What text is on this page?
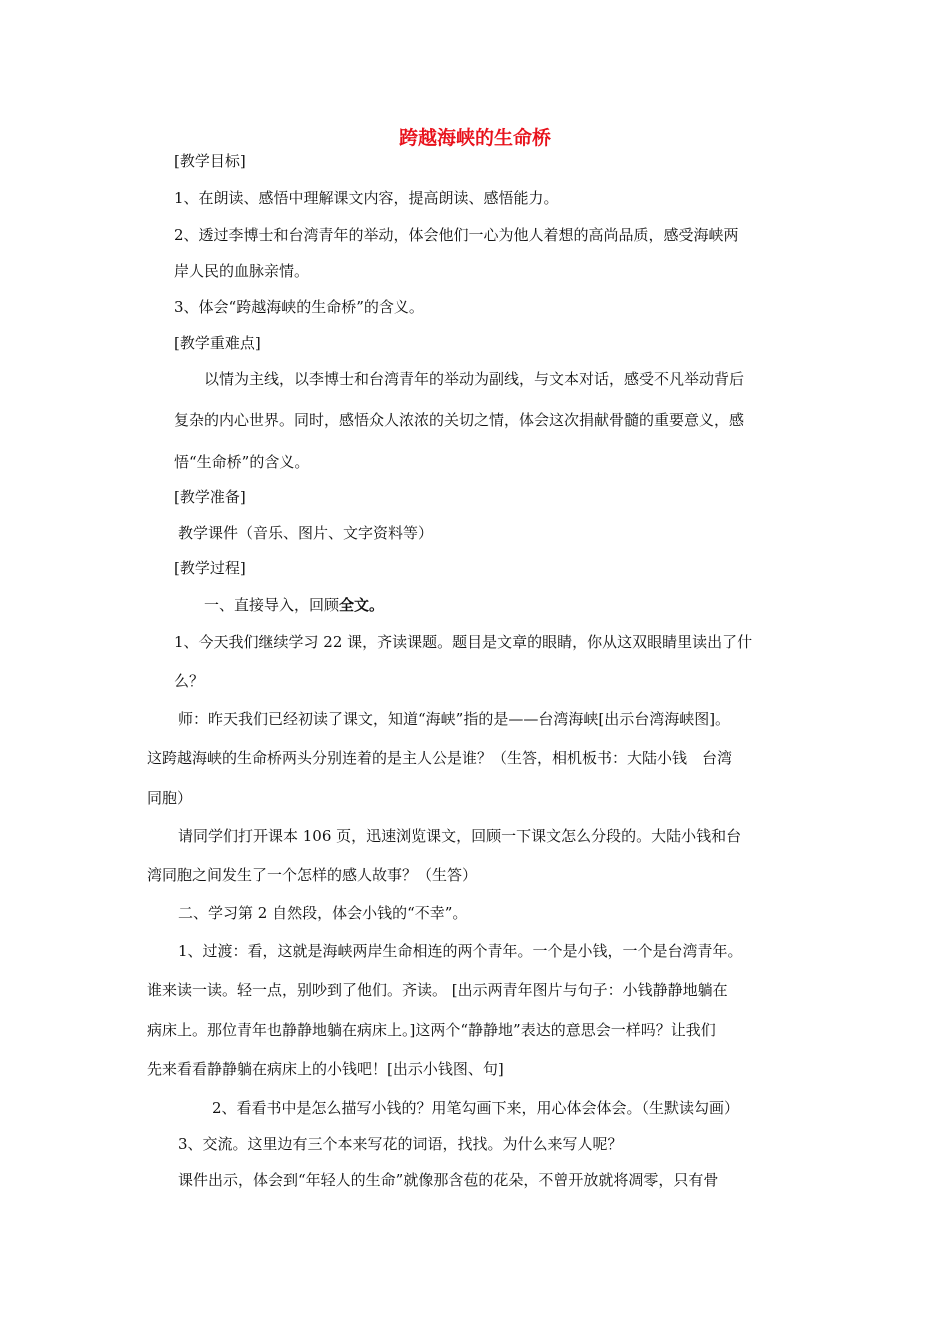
跨越海峡的生命桥
[教学目标]
1、在朗读、感悟中理解课文内容，提高朗读、感悟能力。
2、透过李博士和台湾青年的举动，体会他们一心为他人着想的高尚品质，感受海峡两
岸人民的血脉亲情。
3、体会“跨越海峡的生命桥”的含义。
[教学重难点]
以情为主线，以李博士和台湾青年的举动为副线，与文本对话，感受不凡举动背后
复杂的内心世界。同时，感悟众人浓浓的关切之情，体会这次捐献骨髓的重要意义，感
悟“生命桥”的含义。
[教学准备]
教学课件（音乐、图片、文字资料等）
[教学过程]
一、直接导入，回顾全文。
1、今天我们继续学习 22 课，齐读课题。题目是文章的眼睛，你从这双眼睛里读出了什
么？
师：昨天我们已经初读了课文，知道“海峡”指的是——台湾海峡[出示台湾海峡图]。
这跨越海峡的生命桥两头分别连着的是主人公是谁？（生答，相机板书：大陆小钱　台湾
同胞）
请同学们打开课本 106 页，迅速浏览课文，回顾一下课文怎么分段的。大陆小钱和台
湾同胞之间发生了一个怎样的感人故事？（生答）
二、学习第 2 自然段，体会小钱的“不幸”。
1、过渡：看，这就是海峡两岸生命相连的两个青年。一个是小钱，一个是台湾青年。
谁来读一读。轻一点，别吵到了他们。齐读。 [出示两青年图片与句子：小钱静静地躺在
病床上。那位青年也静静地躺在病床上。]这两个“静静地”表达的意思会一样吗？让我们
先来看看静静躺在病床上的小钱吧！[出示小钱图、句]
2、看看书中是怎么描写小钱的？用笔勾画下来，用心体会体会。（生默读勾画）
3、交流。这里边有三个本来写花的词语，找找。为什么来写人呢？
课件出示，体会到“年轻人的生命”就像那含苞的花朵，不曾开放就将凋零，只有骨
